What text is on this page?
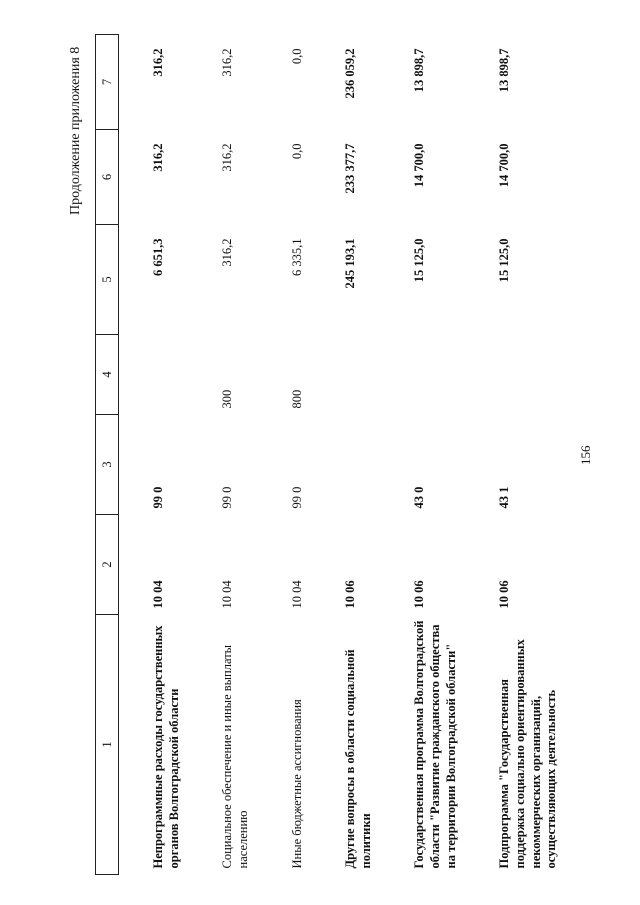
156
Продолжение приложения 8
1	2	3	4	5	6	7
Непрограммные расходы государственных органов Волгоградской области	10 04	99 0		6 651,3	316,2	316,2
Социальное обеспечение и иные выплаты населению	10 04	99 0	300	316,2	316,2	316,2
Иные бюджетные ассигнования	10 04	99 0	800	6 335,1	0,0	0,0
Другие вопросы в области социальной политики	10 06			245 193,1	233 377,7	236 059,2
Государственная программа Волгоградской области "Развитие гражданского общества на территории Волгоградской области"	10 06	43 0		15 125,0	14 700,0	13 898,7
Подпрограмма "Государственная поддержка социально ориентированных некоммерческих организаций, осуществляющих деятельность	10 06	43 1		15 125,0	14 700,0	13 898,7
